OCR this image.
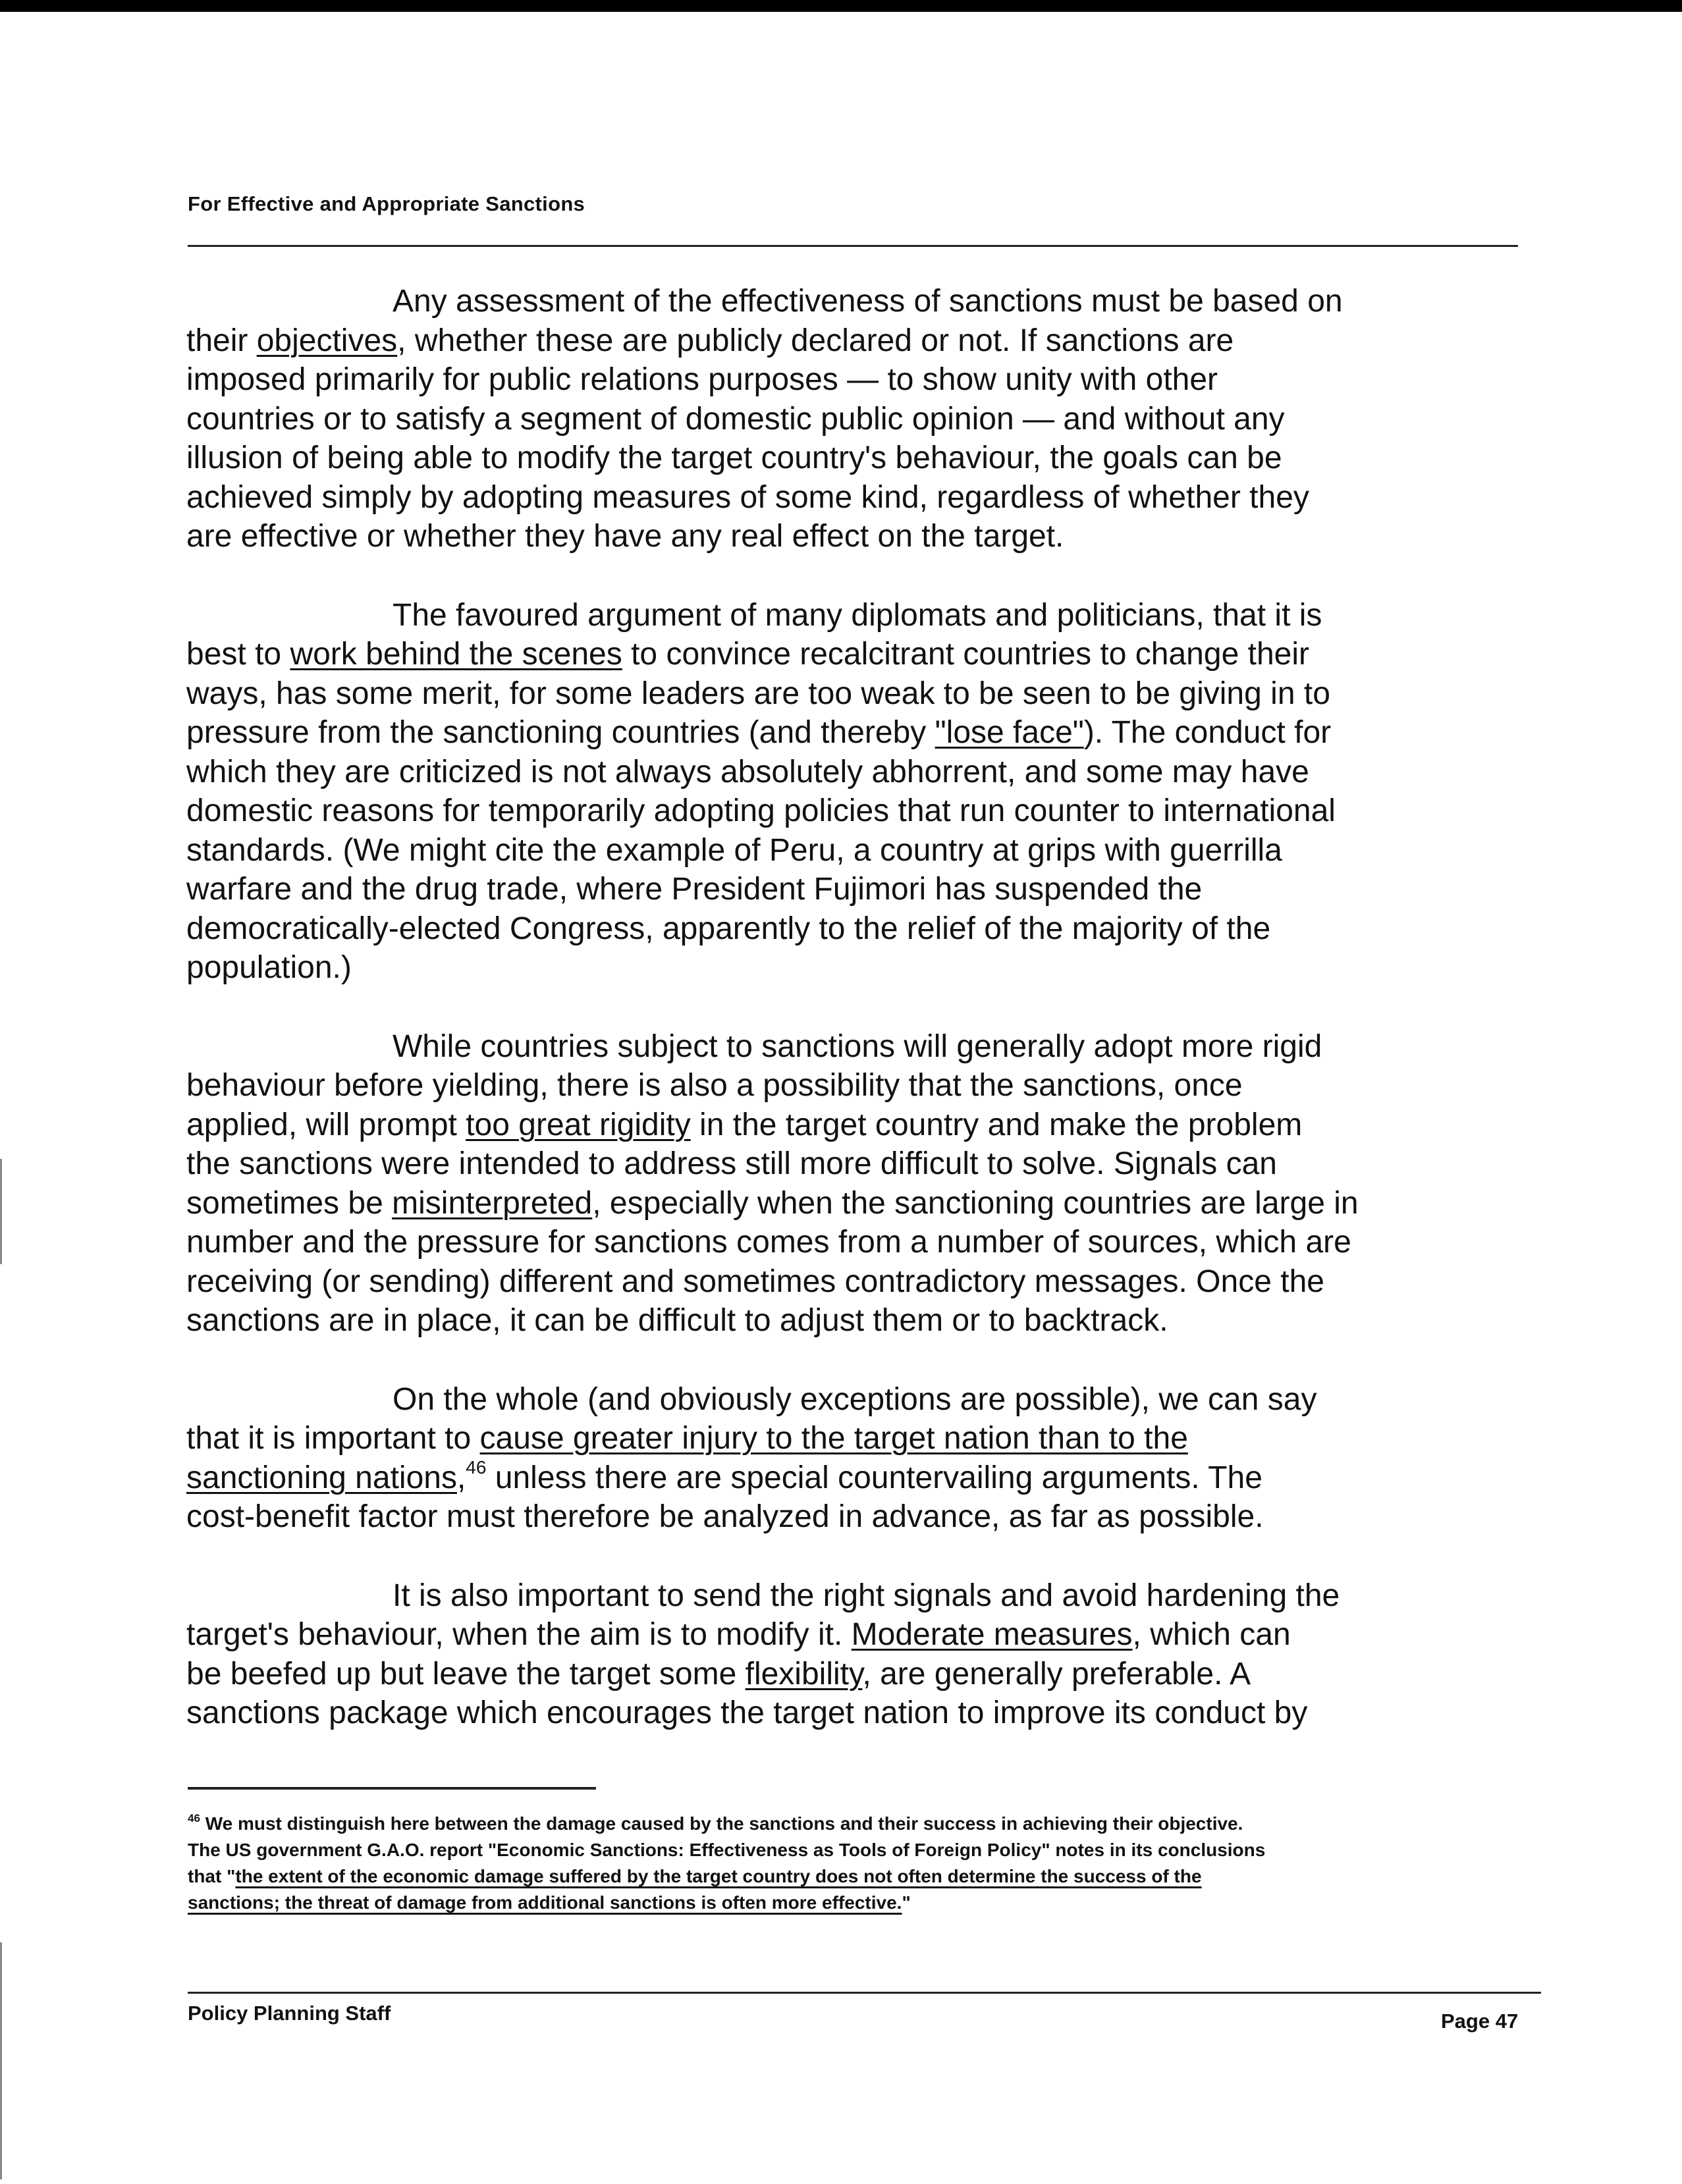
For Effective and Appropriate Sanctions
Any assessment of the effectiveness of sanctions must be based on
their objectives, whether these are publicly declared or not. If sanctions are
imposed primarily for public relations purposes — to show unity with other
countries or to satisfy a segment of domestic public opinion — and without any
illusion of being able to modify the target country's behaviour, the goals can be
achieved simply by adopting measures of some kind, regardless of whether they
are effective or whether they have any real effect on the target.
The favoured argument of many diplomats and politicians, that it is
best to work behind the scenes to convince recalcitrant countries to change their
ways, has some merit, for some leaders are too weak to be seen to be giving in to
pressure from the sanctioning countries (and thereby "lose face"). The conduct for
which they are criticized is not always absolutely abhorrent, and some may have
domestic reasons for temporarily adopting policies that run counter to international
standards. (We might cite the example of Peru, a country at grips with guerrilla
warfare and the drug trade, where President Fujimori has suspended the
democratically-elected Congress, apparently to the relief of the majority of the
population.)
While countries subject to sanctions will generally adopt more rigid
behaviour before yielding, there is also a possibility that the sanctions, once
applied, will prompt too great rigidity in the target country and make the problem
the sanctions were intended to address still more difficult to solve. Signals can
sometimes be misinterpreted, especially when the sanctioning countries are large in
number and the pressure for sanctions comes from a number of sources, which are
receiving (or sending) different and sometimes contradictory messages. Once the
sanctions are in place, it can be difficult to adjust them or to backtrack.
On the whole (and obviously exceptions are possible), we can say
that it is important to cause greater injury to the target nation than to the
sanctioning nations,$^{46}$ unless there are special countervailing arguments. The
cost-benefit factor must therefore be analyzed in advance, as far as possible.
It is also important to send the right signals and avoid hardening the
target's behaviour, when the aim is to modify it. Moderate measures, which can
be beefed up but leave the target some flexibility, are generally preferable. A
sanctions package which encourages the target nation to improve its conduct by
$^{46}$ We must distinguish here between the damage caused by the sanctions and their success in achieving their objective.
The US government G.A.O. report "Economic Sanctions: Effectiveness as Tools of Foreign Policy" notes in its conclusions
that "the extent of the economic damage suffered by the target country does not often determine the success of the
sanctions; the threat of damage from additional sanctions is often more effective."
Policy Planning Staff	Page 47
